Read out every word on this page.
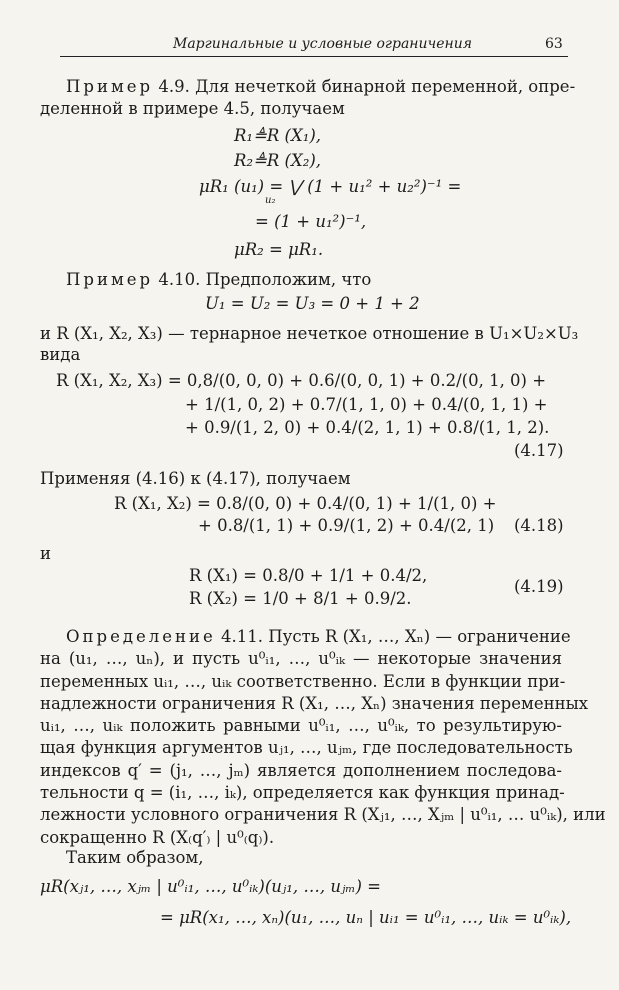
Маргинальные и условные ограничения	63
Пример 4.9. Для нечеткой бинарной переменной, опре-
деленной в примере 4.5, получаем
R₁≜R (X₁),
R₂≜R (X₂),
μR₁ (u₁) = ⋁ (1 + u₁² + u₂²)⁻¹ =
u₂
= (1 + u₁²)⁻¹,
μR₂ = μR₁.
Пример 4.10. Предположим, что
U₁ = U₂ = U₃ = 0 + 1 + 2
и R (X₁, X₂, X₃) — тернарное нечеткое отношение в U₁×U₂×U₃
вида
R (X₁, X₂, X₃) = 0,8/(0, 0, 0) + 0.6/(0, 0, 1) + 0.2/(0, 1, 0) +
+ 1/(1, 0, 2) + 0.7/(1, 1, 0) + 0.4/(0, 1, 1) +
+ 0.9/(1, 2, 0) + 0.4/(2, 1, 1) + 0.8/(1, 1, 2).
(4.17)
Применяя (4.16) к (4.17), получаем
R (X₁, X₂) = 0.8/(0, 0) + 0.4/(0, 1) + 1/(1, 0) +
+ 0.8/(1, 1) + 0.9/(1, 2) + 0.4/(2, 1) (4.18)
и
R (X₁) = 0.8/0 + 1/1 + 0.4/2,
R (X₂) = 1/0 + 8/1 + 0.9/2.
(4.19)
Определение 4.11. Пусть R (X₁, …, Xₙ) — ограничение
на (u₁, …, uₙ), и пусть u⁰ᵢ₁, …, u⁰ᵢₖ — некоторые значения
переменных uᵢ₁, …, uᵢₖ соответственно. Если в функции при-
надлежности ограничения R (X₁, …, Xₙ) значения переменных
uᵢ₁, …, uᵢₖ положить равными u⁰ᵢ₁, …, u⁰ᵢₖ, то результирую-
щая функция аргументов uⱼ₁, …, uⱼₘ, где последовательность
индексов q′ = (j₁, …, jₘ) является дополнением последова-
тельности q = (i₁, …, iₖ), определяется как функция принад-
лежности условного ограничения R (Xⱼ₁, …, Xⱼₘ | u⁰ᵢ₁, … u⁰ᵢₖ), или
сокращенно R (X₍q′₎ | u⁰₍q₎).
Таким образом,
μR(xⱼ₁, …, xⱼₘ | u⁰ᵢ₁, …, u⁰ᵢₖ)(uⱼ₁, …, uⱼₘ) =
= μR(x₁, …, xₙ)(u₁, …, uₙ | uᵢ₁ = u⁰ᵢ₁, …, uᵢₖ = u⁰ᵢₖ),
